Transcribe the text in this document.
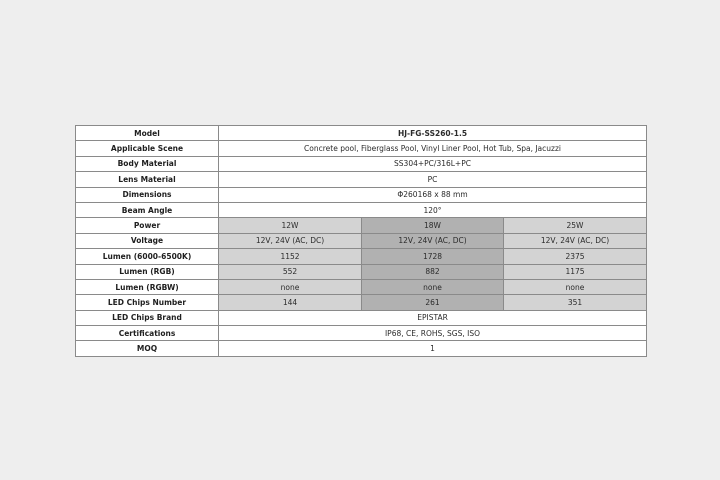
Model	HJ-FG-SS260-1.5		
Applicable Scene	Concrete pool, Fiberglass Pool, Vinyl Liner Pool, Hot Tub, Spa, Jacuzzi		
Body Material	SS304+PC/316L+PC		
Lens Material	PC		
Dimensions	Φ260168 x 88 mm		
Beam Angle	120°		
Power	12W	18W	25W
Voltage	12V, 24V (AC, DC)	12V, 24V (AC, DC)	12V, 24V (AC, DC)
Lumen (6000-6500K)	1152	1728	2375
Lumen (RGB)	552	882	1175
Lumen (RGBW)	none	none	none
LED Chips Number	144	261	351
LED Chips Brand	EPISTAR		
Certifications	IP68, CE, ROHS, SGS, ISO		
MOQ	1		
